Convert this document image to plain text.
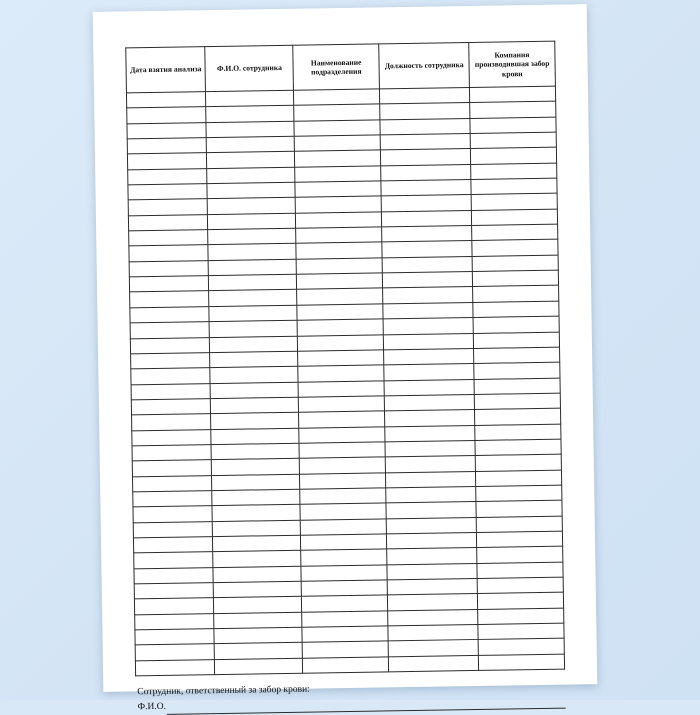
Дата взятия анализа	Ф.И.О. сотрудника	Наименование подразделения	Должность сотрудника	Компания производившая забор крови

Сотрудник, ответственный за забор крови:
Ф.И.О.
